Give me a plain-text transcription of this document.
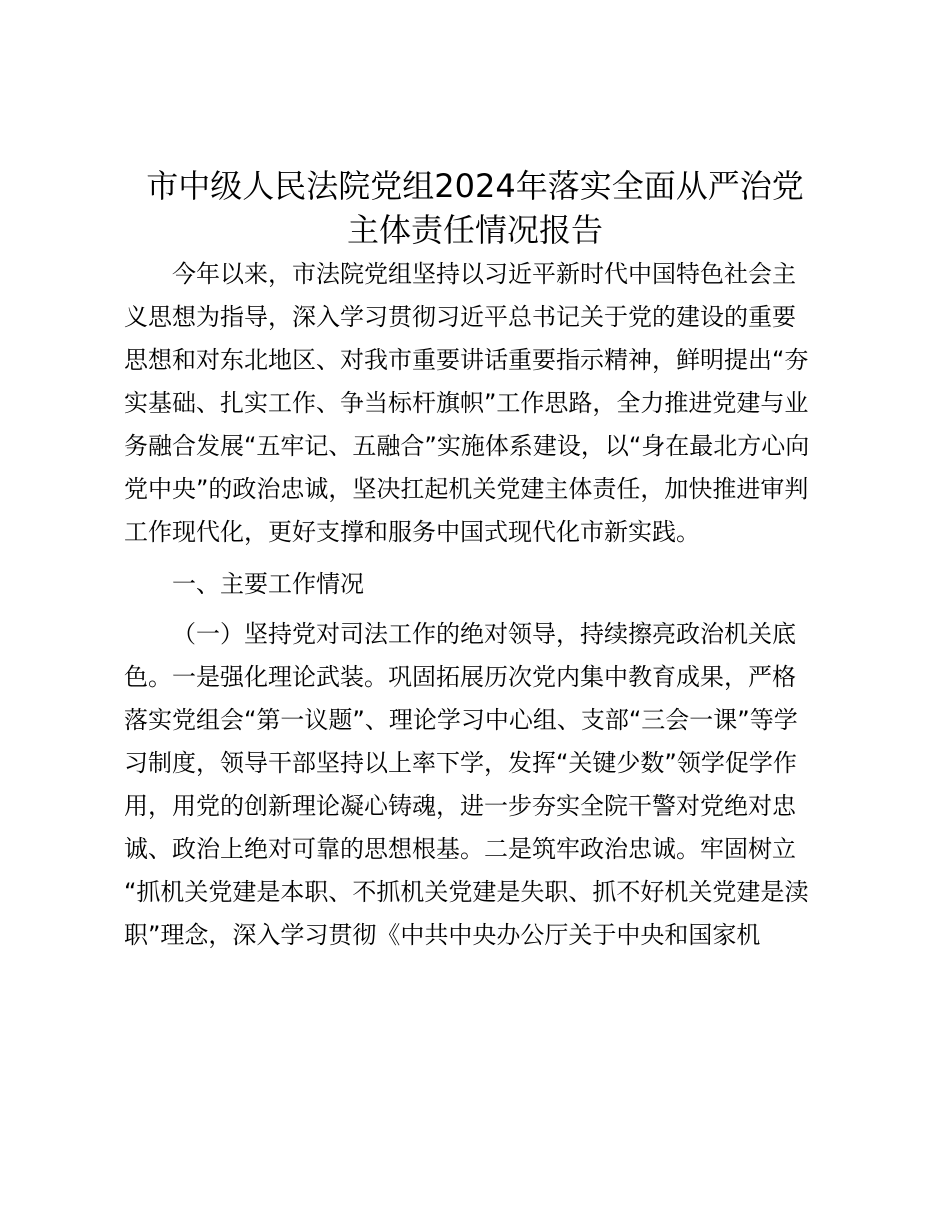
市中级人民法院党组2024年落实全面从严治党
主体责任情况报告
今年以来，市法院党组坚持以习近平新时代中国特色社会主
义思想为指导，深入学习贯彻习近平总书记关于党的建设的重要
思想和对东北地区、对我市重要讲话重要指示精神，鲜明提出“夯
实基础、扎实工作、争当标杆旗帜”工作思路，全力推进党建与业
务融合发展“五牢记、五融合”实施体系建设，以“身在最北方心向
党中央”的政治忠诚，坚决扛起机关党建主体责任，加快推进审判
工作现代化，更好支撑和服务中国式现代化市新实践。
一、主要工作情况
（一）坚持党对司法工作的绝对领导，持续擦亮政治机关底
色。一是强化理论武装。巩固拓展历次党内集中教育成果，严格
落实党组会“第一议题”、理论学习中心组、支部“三会一课”等学
习制度，领导干部坚持以上率下学，发挥“关键少数”领学促学作
用，用党的创新理论凝心铸魂，进一步夯实全院干警对党绝对忠
诚、政治上绝对可靠的思想根基。二是筑牢政治忠诚。牢固树立
“抓机关党建是本职、不抓机关党建是失职、抓不好机关党建是渎
职”理念，深入学习贯彻《中共中央办公厅关于中央和国家机
